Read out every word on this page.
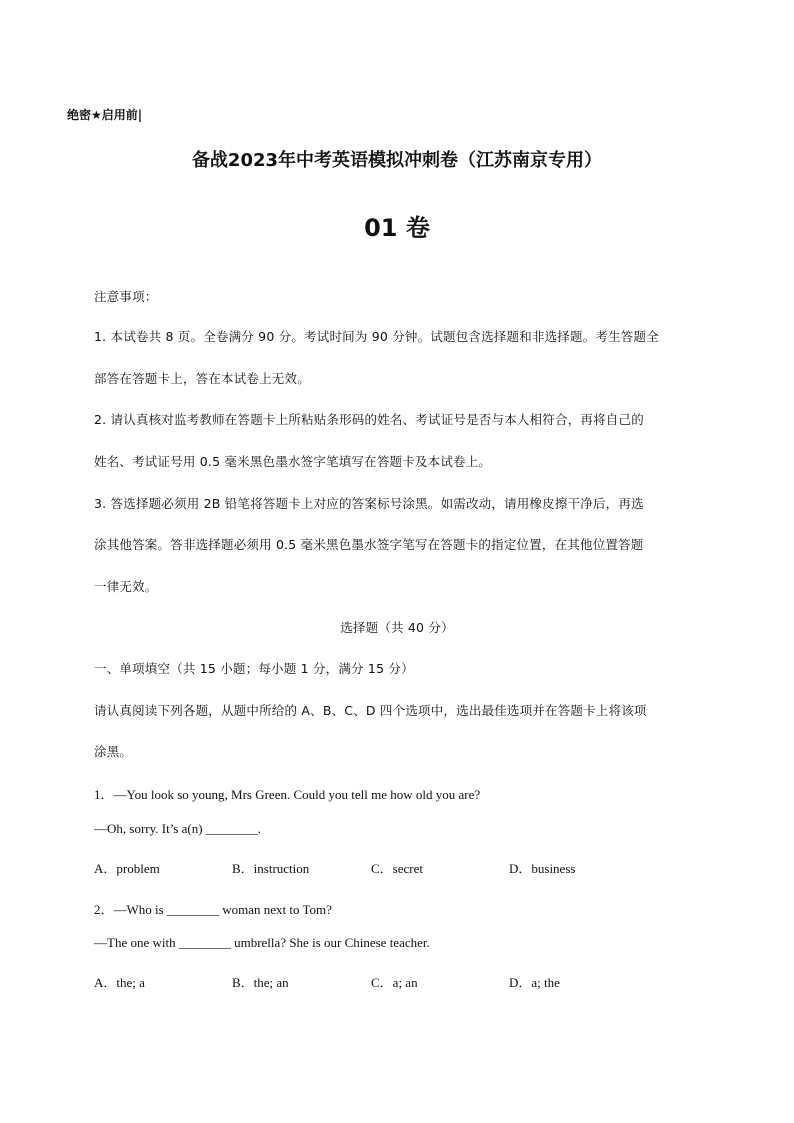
绝密★启用前|
备战2023年中考英语模拟冲刺卷（江苏南京专用）
01 卷
注意事项：
1. 本试卷共 8 页。全卷满分 90 分。考试时间为 90 分钟。试题包含选择题和非选择题。考生答题全
部答在答题卡上，答在本试卷上无效。
2. 请认真核对监考教师在答题卡上所粘贴条形码的姓名、考试证号是否与本人相符合，再将自己的
姓名、考试证号用 0.5 毫米黑色墨水签字笔填写在答题卡及本试卷上。
3. 答选择题必须用 2B 铅笔将答题卡上对应的答案标号涂黑。如需改动，请用橡皮擦干净后，再选
涂其他答案。答非选择题必须用 0.5 毫米黑色墨水签字笔写在答题卡的指定位置，在其他位置答题
一律无效。
选择题（共 40 分）
一、单项填空（共 15 小题；每小题 1 分，满分 15 分）
请认真阅读下列各题，从题中所给的 A、B、C、D 四个选项中，选出最佳选项并在答题卡上将该项
涂黑。
1．—You look so young, Mrs Green. Could you tell me how old you are?
—Oh, sorry. It’s a(n) ________.
A．problem	B．instruction	C．secret	D．business
2．—Who is ________ woman next to Tom?
—The one with ________ umbrella? She is our Chinese teacher.
A．the; a	B．the; an	C．a; an	D．a; the
